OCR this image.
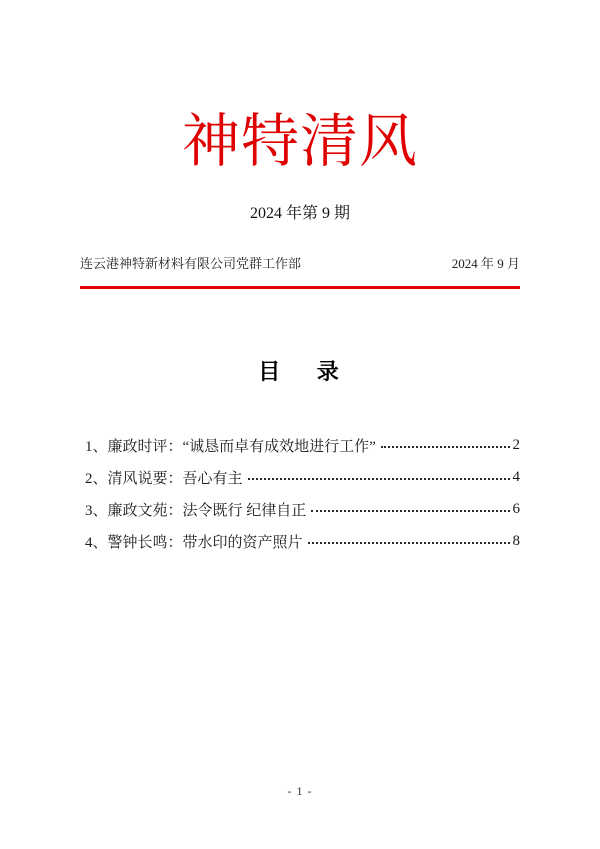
神特清风
2024 年第 9 期
连云港神特新材料有限公司党群工作部	2024 年 9 月
目　 录
1、廉政时评：“诚恳而卓有成效地进行工作”	2
2、清风说要：吾心有主	4
3、廉政文苑：法令既行 纪律自正	6
4、警钟长鸣：带水印的资产照片	8
- 1 -
